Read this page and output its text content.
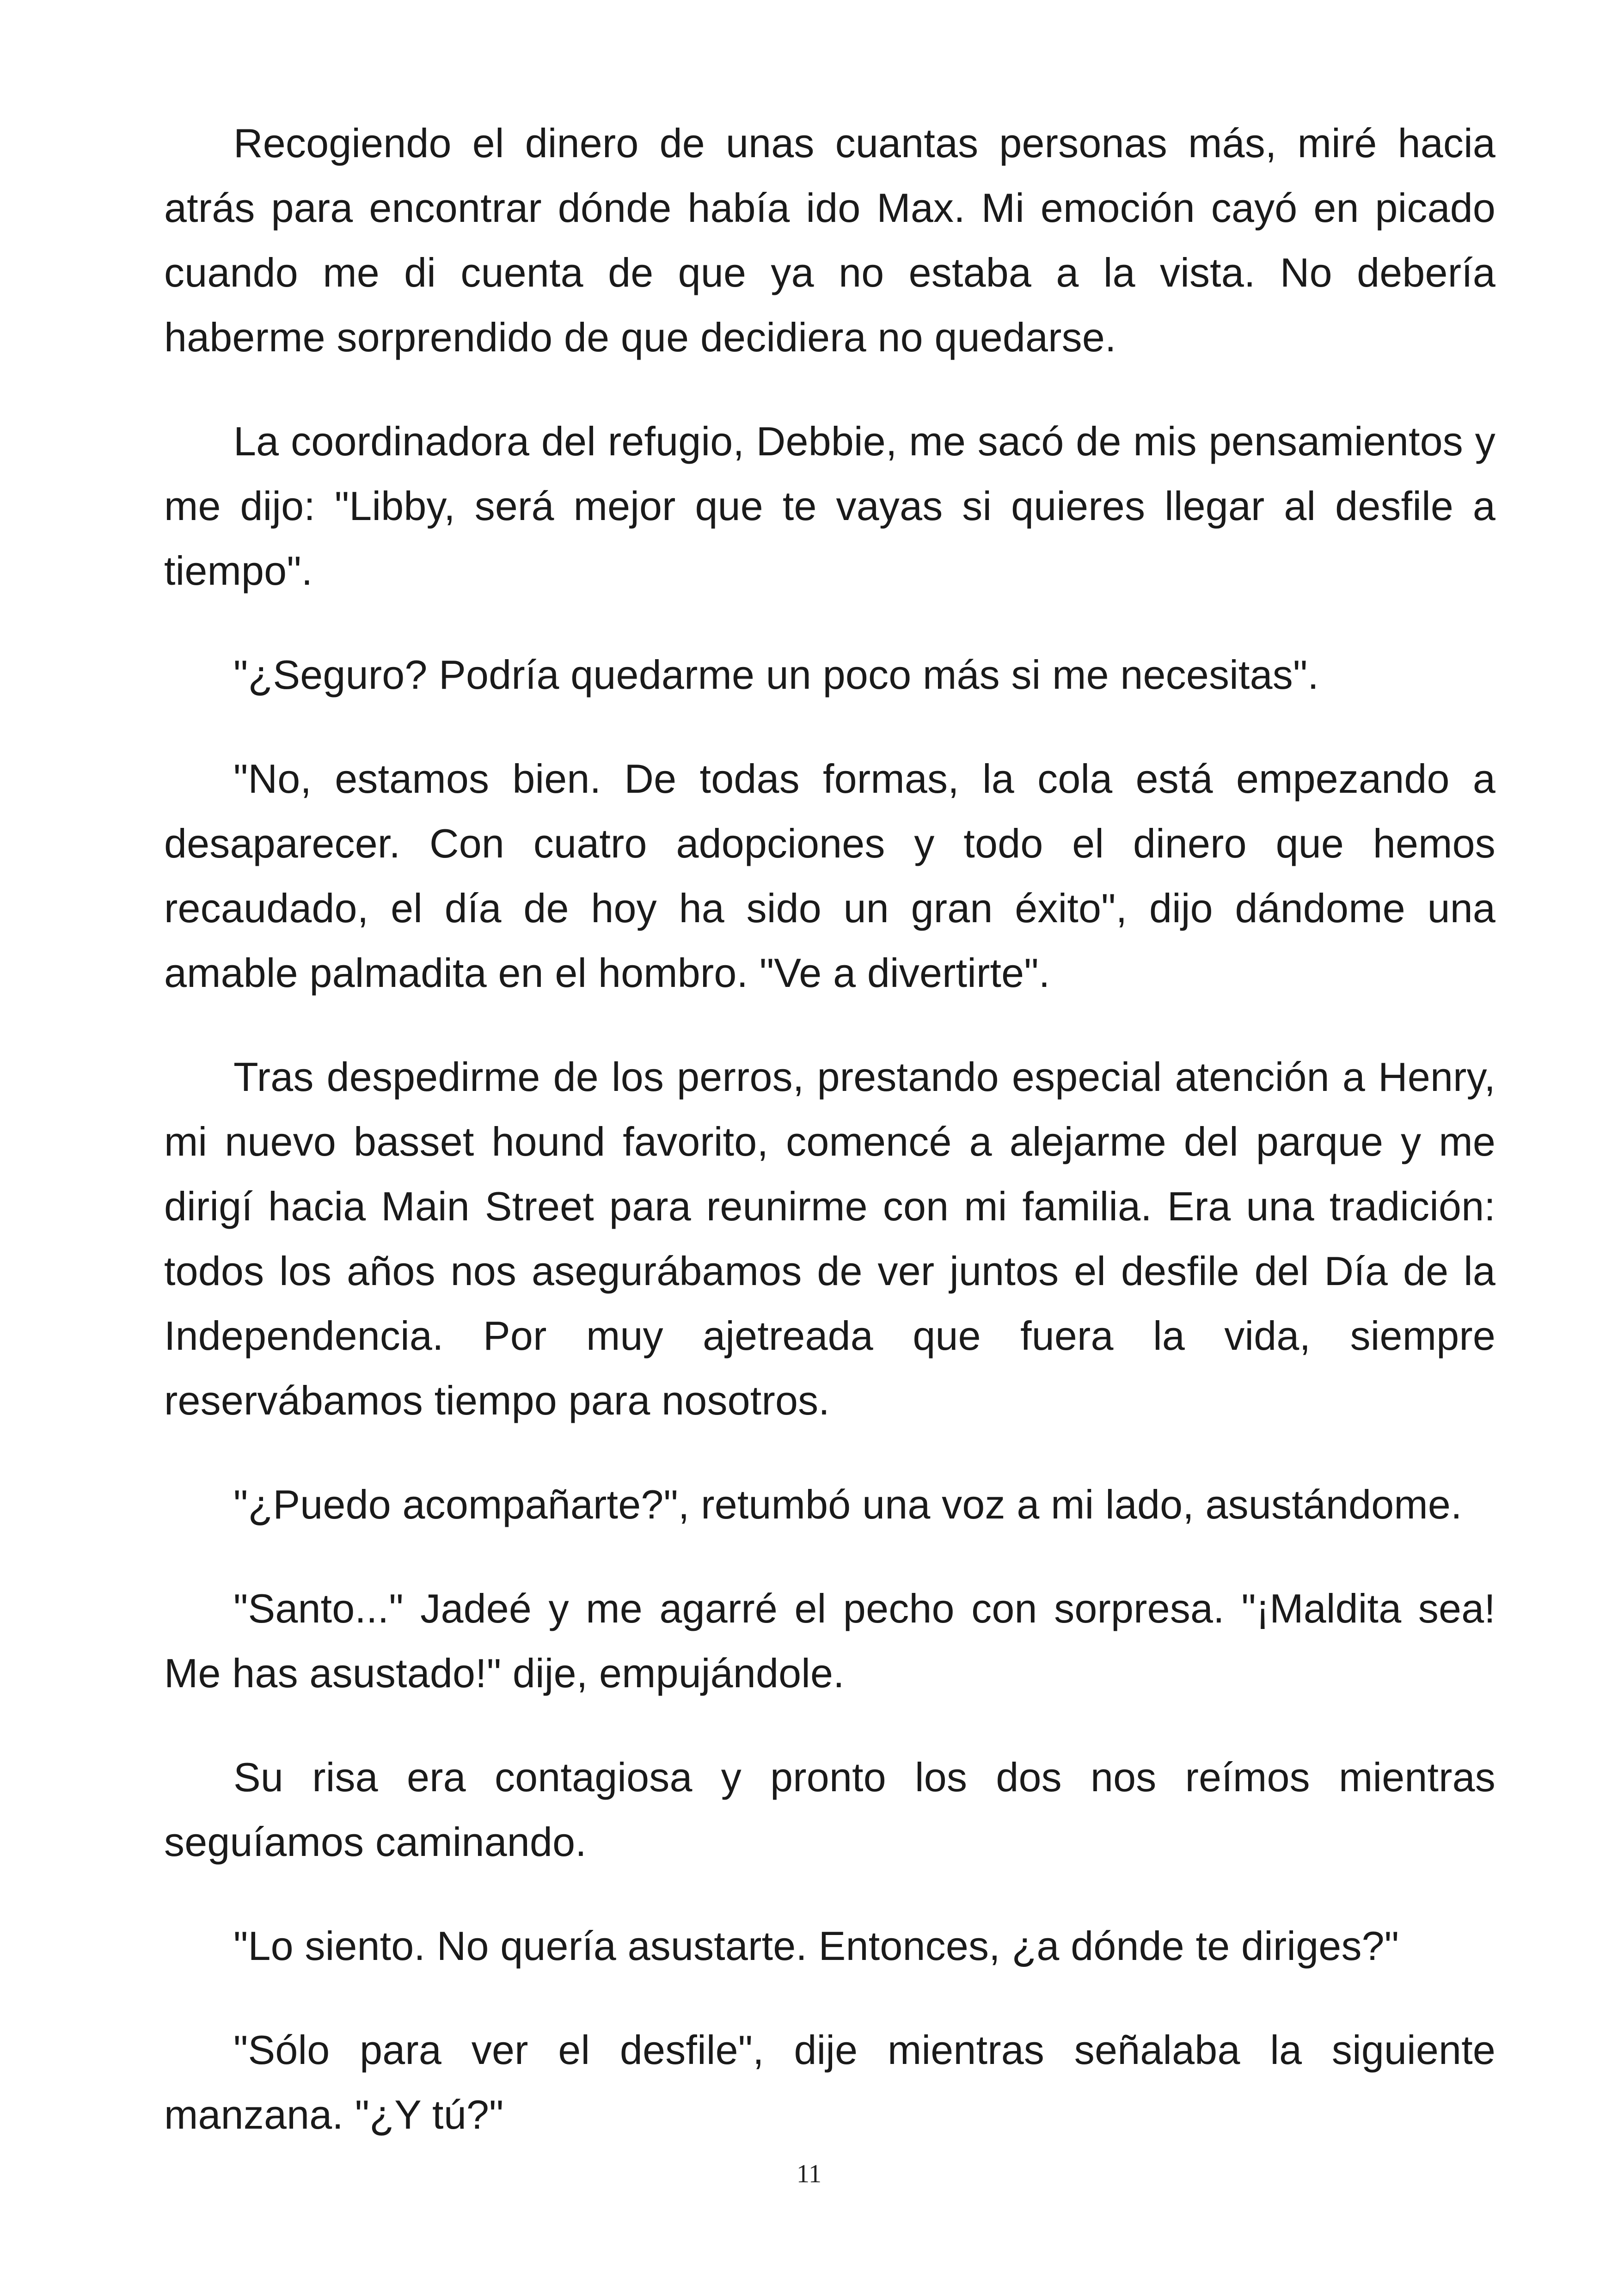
Recogiendo el dinero de unas cuantas personas más, miré hacia atrás para encontrar dónde había ido Max. Mi emoción cayó en picado cuando me di cuenta de que ya no estaba a la vista. No debería haberme sorprendido de que decidiera no quedarse.

La coordinadora del refugio, Debbie, me sacó de mis pensamientos y me dijo: "Libby, será mejor que te vayas si quieres llegar al desfile a tiempo".

"¿Seguro? Podría quedarme un poco más si me necesitas".

"No, estamos bien. De todas formas, la cola está empezando a desaparecer. Con cuatro adopciones y todo el dinero que hemos recaudado, el día de hoy ha sido un gran éxito", dijo dándome una amable palmadita en el hombro. "Ve a divertirte".

Tras despedirme de los perros, prestando especial atención a Henry, mi nuevo basset hound favorito, comencé a alejarme del parque y me dirigí hacia Main Street para reunirme con mi familia. Era una tradición: todos los años nos asegurábamos de ver juntos el desfile del Día de la Independencia. Por muy ajetreada que fuera la vida, siempre reservábamos tiempo para nosotros.

"¿Puedo acompañarte?", retumbó una voz a mi lado, asustándome.

"Santo..." Jadeé y me agarré el pecho con sorpresa. "¡Maldita sea! Me has asustado!" dije, empujándole.

Su risa era contagiosa y pronto los dos nos reímos mientras seguíamos caminando.

"Lo siento. No quería asustarte. Entonces, ¿a dónde te diriges?"

"Sólo para ver el desfile", dije mientras señalaba la siguiente manzana. "¿Y tú?"

11
